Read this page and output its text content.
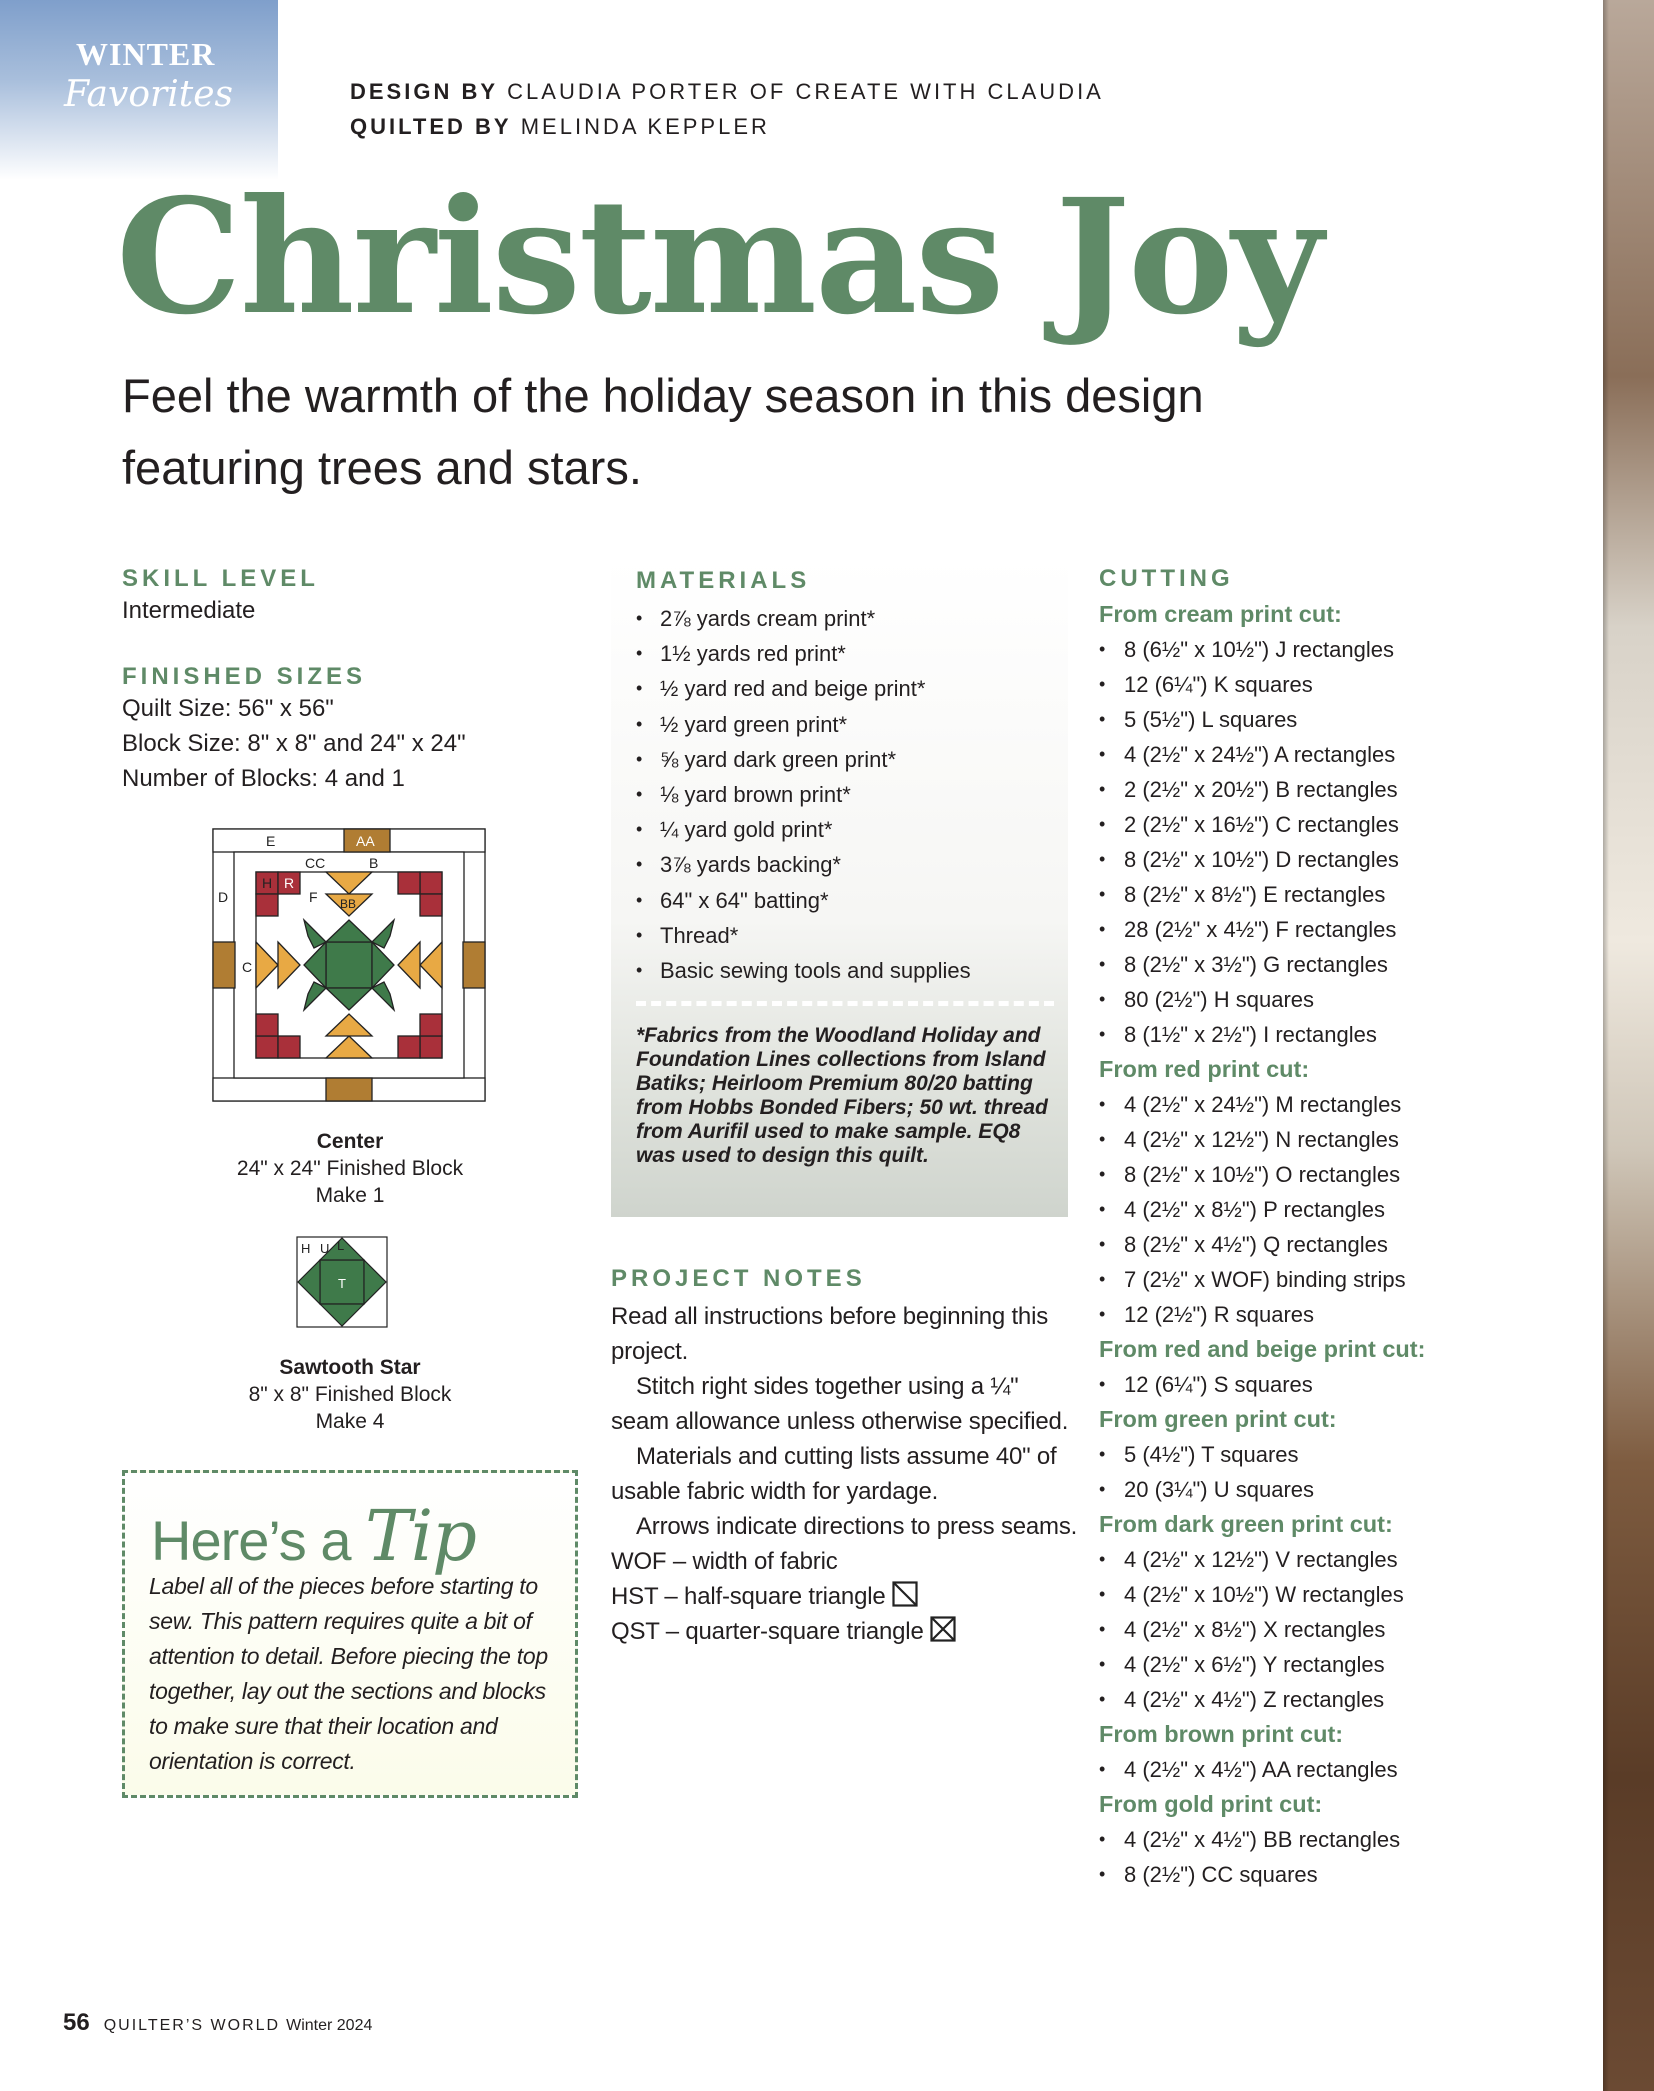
WINTER
Favorites	DESIGN BY CLAUDIA PORTER OF CREATE WITH CLAUDIA
QUILTED BY MELINDA KEPPLER
Christmas Joy

Feel the warmth of the holiday season in this design featuring trees and stars.

SKILL LEVEL
Intermediate
FINISHED SIZES
Quilt Size: 56" x 56"
Block Size: 8" x 8" and 24" x 24"
Number of Blocks: 4 and 1
E	AA
CC	B
D
H R
F BB
C
Center
24" x 24" Finished Block
Make 1
H U L
T
Sawtooth Star
8" x 8" Finished Block
Make 4
Here’s a Tip
Label all of the pieces before starting to sew. This pattern requires quite a bit of attention to detail. Before piecing the top together, lay out the sections and blocks to make sure that their location and orientation is correct.
MATERIALS
• 2⅞ yards cream print*
• 1½ yards red print*
• ½ yard red and beige print*
• ½ yard green print*
• ⅝ yard dark green print*
• ⅛ yard brown print*
• ¼ yard gold print*
• 3⅞ yards backing*
• 64" x 64" batting*
• Thread*
• Basic sewing tools and supplies
*Fabrics from the Woodland Holiday and Foundation Lines collections from Island Batiks; Heirloom Premium 80/20 batting from Hobbs Bonded Fibers; 50 wt. thread from Aurifil used to make sample. EQ8 was used to design this quilt.
PROJECT NOTES
Read all instructions before beginning this project.
Stitch right sides together using a ¼" seam allowance unless otherwise specified.
Materials and cutting lists assume 40" of usable fabric width for yardage.
Arrows indicate directions to press seams.
WOF – width of fabric
HST – half-square triangle
QST – quarter-square triangle
CUTTING
From cream print cut:
• 8 (6½" x 10½") J rectangles
• 12 (6¼") K squares
• 5 (5½") L squares
• 4 (2½" x 24½") A rectangles
• 2 (2½" x 20½") B rectangles
• 2 (2½" x 16½") C rectangles
• 8 (2½" x 10½") D rectangles
• 8 (2½" x 8½") E rectangles
• 28 (2½" x 4½") F rectangles
• 8 (2½" x 3½") G rectangles
• 80 (2½") H squares
• 8 (1½" x 2½") I rectangles
From red print cut:
• 4 (2½" x 24½") M rectangles
• 4 (2½" x 12½") N rectangles
• 8 (2½" x 10½") O rectangles
• 4 (2½" x 8½") P rectangles
• 8 (2½" x 4½") Q rectangles
• 7 (2½" x WOF) binding strips
• 12 (2½") R squares
From red and beige print cut:
• 12 (6¼") S squares
From green print cut:
• 5 (4½") T squares
• 20 (3¼") U squares
From dark green print cut:
• 4 (2½" x 12½") V rectangles
• 4 (2½" x 10½") W rectangles
• 4 (2½" x 8½") X rectangles
• 4 (2½" x 6½") Y rectangles
• 4 (2½" x 4½") Z rectangles
From brown print cut:
• 4 (2½" x 4½") AA rectangles
From gold print cut:
• 4 (2½" x 4½") BB rectangles
• 8 (2½") CC squares
56 QUILTER’S WORLD Winter 2024
